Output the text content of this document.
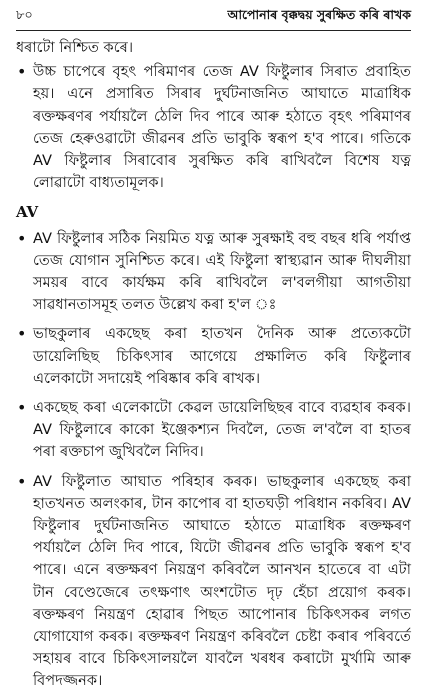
৮০	আপোনাৰ বৃক্কদ্বয় সুৰক্ষিত কৰি ৰাখক

ধৰাটো নিশ্চিত কৰে।

• উচ্চ চাপেৰে বৃহৎ পৰিমাণৰ তেজ AV ফিষ্টুলাৰ সিৰাত প্ৰবাহিত হয়। এনে প্ৰসাৰিত সিৰাৰ দুৰ্ঘটনাজনিত আঘাতে মাত্ৰাধিক ৰক্তক্ষৰণৰ পৰ্যায়লৈ ঠেলি দিব পাৰে আৰু হঠাতে বৃহৎ পৰিমাণৰ তেজ হেৰুওৱাটো জীৱনৰ প্ৰতি ভাবুকি স্বৰূপ হ'ব পাৰে। গতিকে AV ফিষ্টুলাৰ সিৰাবোৰ সুৰক্ষিত কৰি ৰাখিবলৈ বিশেষ যত্ন লোৱাটো বাধ্যতামূলক।
AV
• AV ফিষ্টুলাৰ সঠিক নিয়মিত যত্ন আৰু সুৰক্ষাই বহু বছৰ ধৰি পৰ্যাপ্ত তেজ যোগান সুনিশ্চিত কৰে। এই ফিষ্টুলা স্বাস্থ্যৱান আৰু দীঘলীয়া সময়ৰ বাবে কাৰ্যক্ষম কৰি ৰাখিবলৈ ল'বলগীয়া আগতীয়া সাৱধানতাসমূহ তলত উল্লেখ কৰা হ'ল ঃ
• ভাছকুলাৰ একছেছ কৰা হাতখন দৈনিক আৰু প্ৰত্যেকটো ডায়েলিছিছ চিকিৎসাৰ আগেয়ে প্ৰক্ষালিত কৰি ফিষ্টুলাৰ এলেকাটো সদায়েই পৰিষ্কাৰ কৰি ৰাখক।
• একছেছ কৰা এলেকাটো কেৱল ডায়েলিছিছৰ বাবে ব্যৱহাৰ কৰক। AV ফিষ্টুলাৰে কাকো ইঞ্জেকশ্যন দিবলৈ, তেজ ল'বলৈ বা হাতৰ পৰা ৰক্তচাপ জুখিবলৈ নিদিব।
• AV ফিষ্টুলাত আঘাত পৰিহাৰ কৰক। ভাছকুলাৰ একছেছ কৰা হাতখনত অলংকাৰ, টান কাপোৰ বা হাতঘড়ী পৰিধান নকৰিব। AV ফিষ্টুলাৰ দুৰ্ঘটনাজনিত আঘাতে হঠাতে মাত্ৰাধিক ৰক্তক্ষৰণ পৰ্যায়লৈ ঠেলি দিব পাৰে, যিটো জীৱনৰ প্ৰতি ভাবুকি স্বৰূপ হ'ব পাৰে। এনে ৰক্তক্ষৰণ নিয়ন্ত্ৰণ কৰিবলৈ আনখন হাতেৰে বা এটা টান বেণ্ডেজেৰে তৎক্ষণাৎ অংশটোত দৃঢ় হেঁচা প্ৰয়োগ কৰক। ৰক্তক্ষৰণ নিয়ন্ত্ৰণ হোৱাৰ পিছত আপোনাৰ চিকিৎসকৰ লগত যোগাযোগ কৰক। ৰক্তক্ষৰণ নিয়ন্ত্ৰণ কৰিবলৈ চেষ্টা কৰাৰ পৰিবৰ্তে সহায়ৰ বাবে চিকিৎসালয়লৈ যাবলৈ খৰধৰ কৰাটো মুৰ্খামি আৰু বিপদজ্জনক।
